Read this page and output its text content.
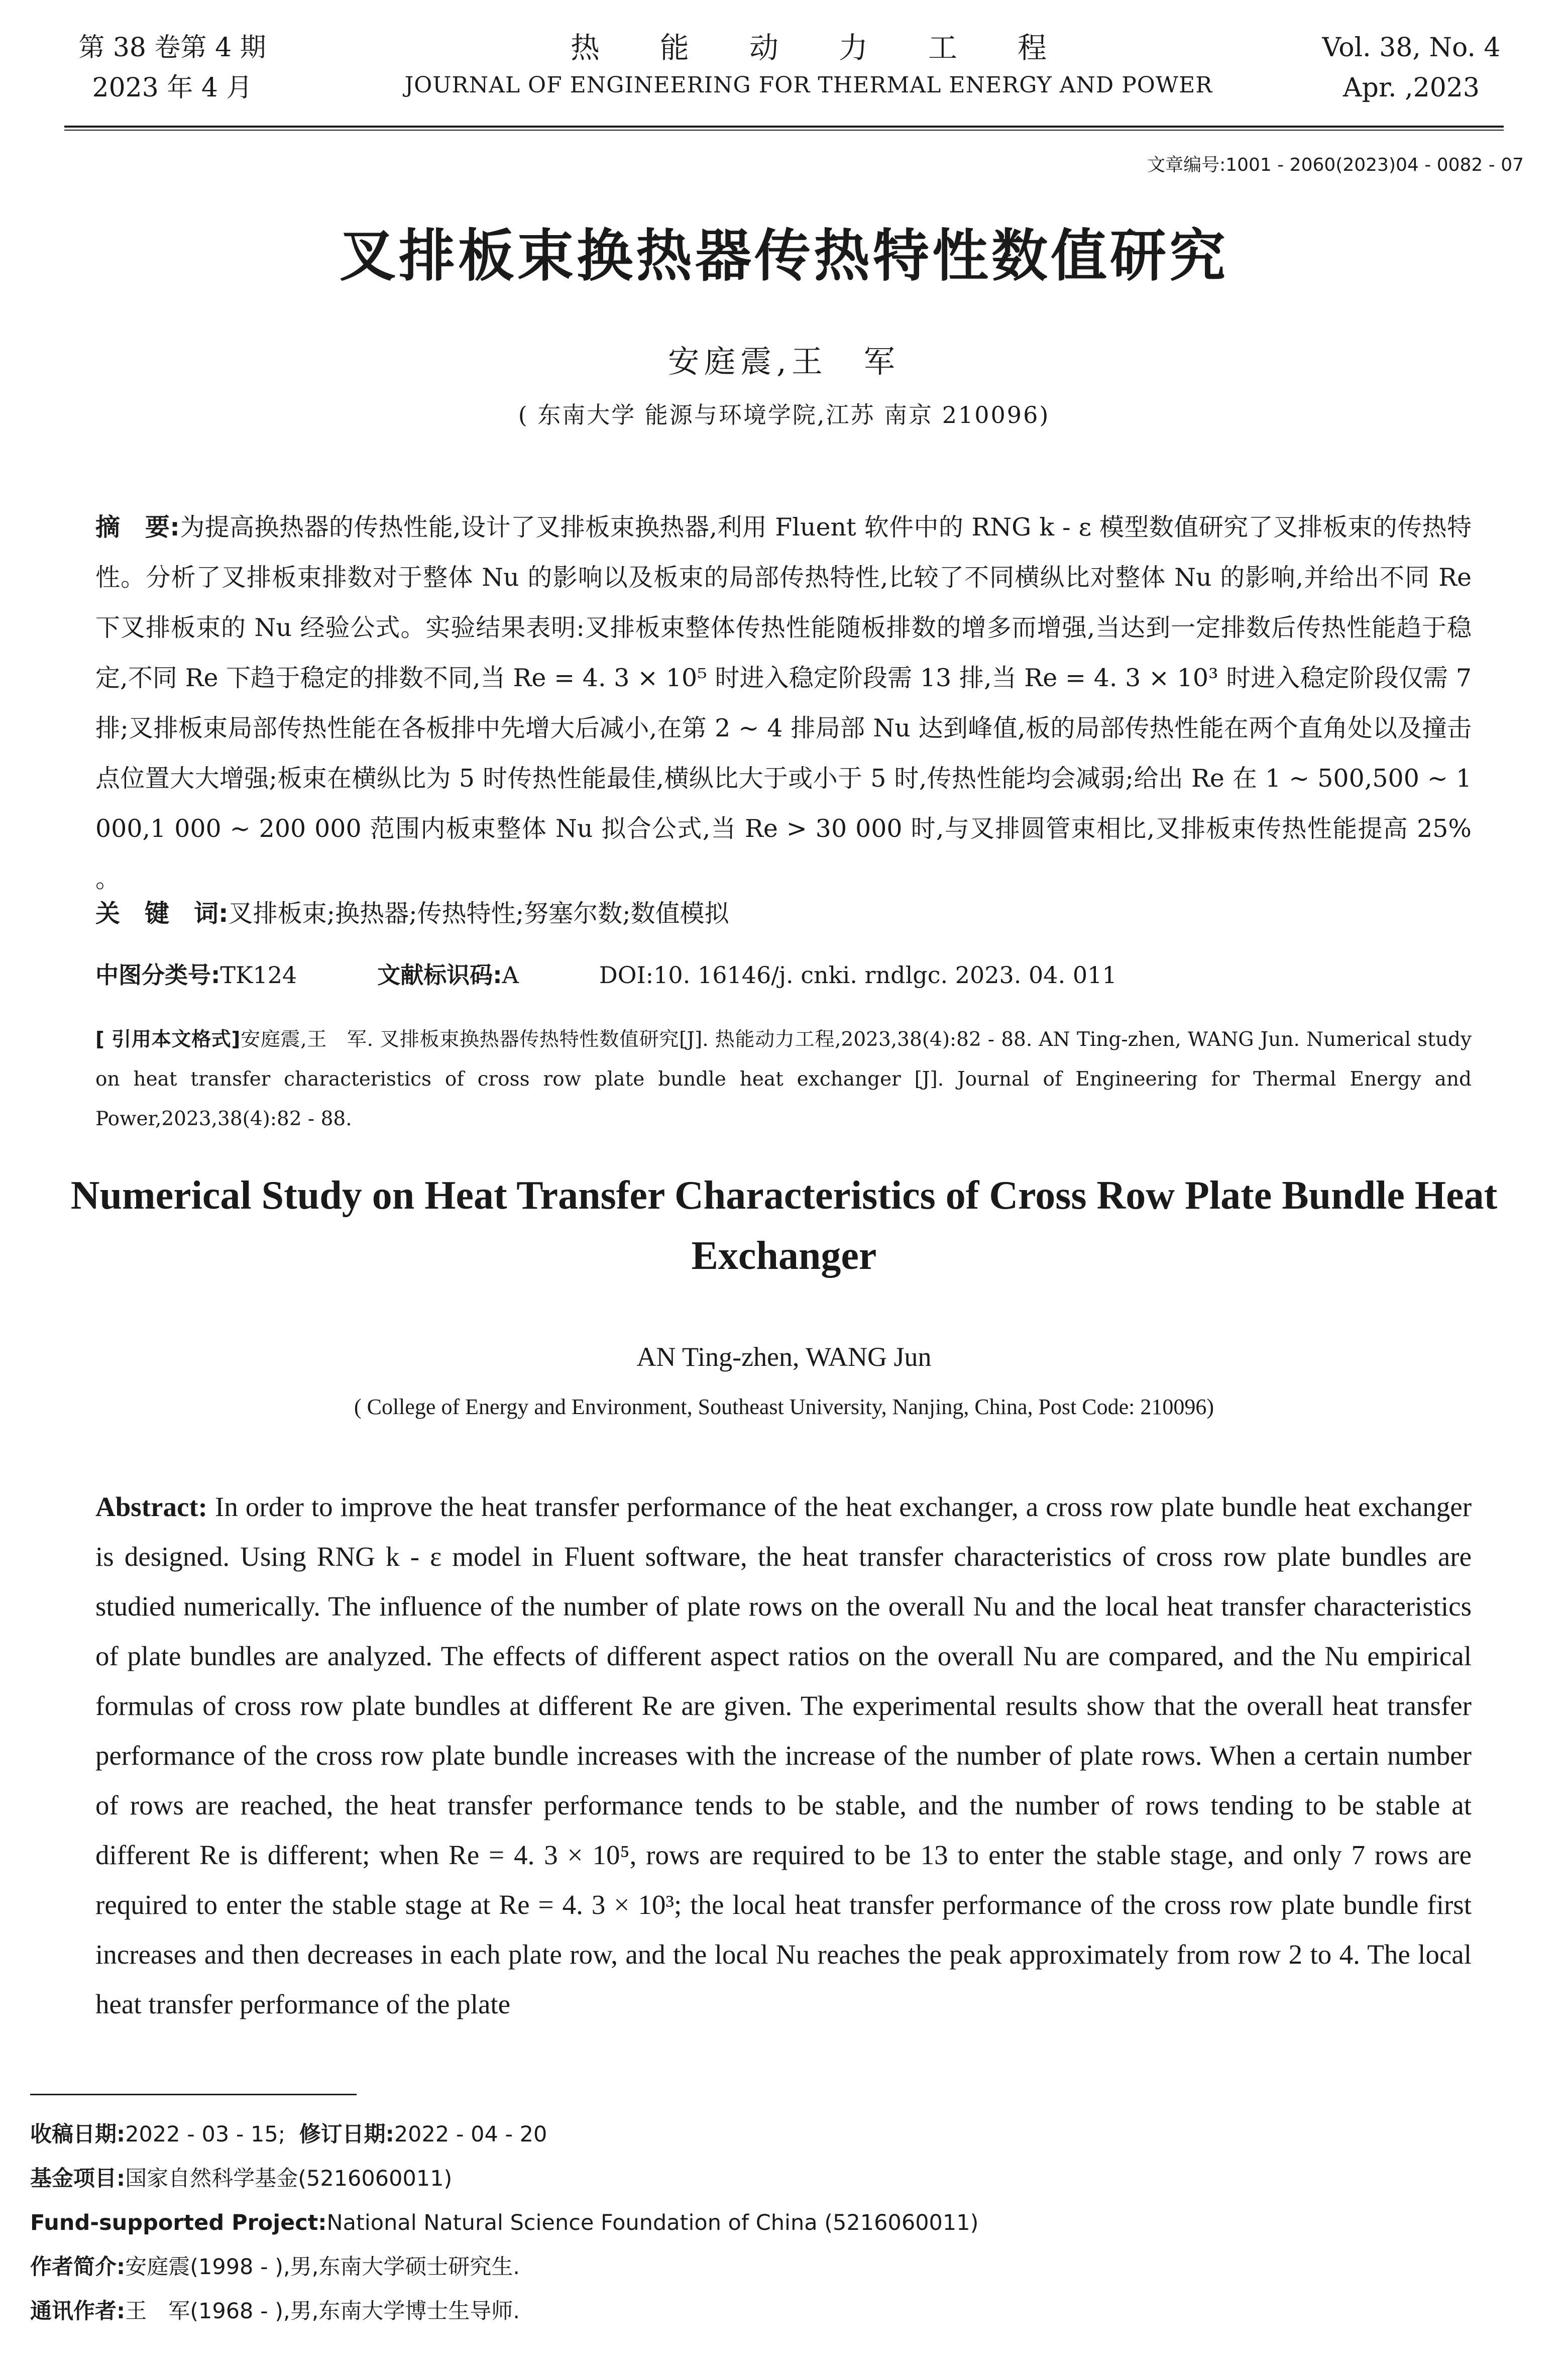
第 38 卷第 4 期
2023 年 4 月
热能动力工程
JOURNAL OF ENGINEERING FOR THERMAL ENERGY AND POWER
Vol. 38, No. 4
Apr. ,2023
文章编号:1001 - 2060(2023)04 - 0082 - 07
叉排板束换热器传热特性数值研究
安庭震,王　军
( 东南大学 能源与环境学院,江苏 南京 210096)
摘　要:为提高换热器的传热性能,设计了叉排板束换热器,利用 Fluent 软件中的 RNG k - ε 模型数值研究了叉排板束的传热特性。分析了叉排板束排数对于整体 Nu 的影响以及板束的局部传热特性,比较了不同横纵比对整体 Nu 的影响,并给出不同 Re 下叉排板束的 Nu 经验公式。实验结果表明:叉排板束整体传热性能随板排数的增多而增强,当达到一定排数后传热性能趋于稳定,不同 Re 下趋于稳定的排数不同,当 Re = 4. 3 × 10⁵ 时进入稳定阶段需 13 排,当 Re = 4. 3 × 10³ 时进入稳定阶段仅需 7 排;叉排板束局部传热性能在各板排中先增大后减小,在第 2 ~ 4 排局部 Nu 达到峰值,板的局部传热性能在两个直角处以及撞击点位置大大增强;板束在横纵比为 5 时传热性能最佳,横纵比大于或小于 5 时,传热性能均会减弱;给出 Re 在 1 ~ 500,500 ~ 1 000,1 000 ~ 200 000 范围内板束整体 Nu 拟合公式,当 Re > 30 000 时,与叉排圆管束相比,叉排板束传热性能提高 25% 。
关　键　词:叉排板束;换热器;传热特性;努塞尔数;数值模拟
中图分类号:TK124	文献标识码:A	DOI:10. 16146/j. cnki. rndlgc. 2023. 04. 011
[ 引用本文格式]安庭震,王　军. 叉排板束换热器传热特性数值研究[J]. 热能动力工程,2023,38(4):82 - 88. AN Ting-zhen, WANG Jun. Numerical study on heat transfer characteristics of cross row plate bundle heat exchanger [J]. Journal of Engineering for Thermal Energy and Power,2023,38(4):82 - 88.
Numerical Study on Heat Transfer Characteristics of Cross Row Plate Bundle Heat Exchanger
AN Ting-zhen, WANG Jun
( College of Energy and Environment, Southeast University, Nanjing, China, Post Code: 210096)
Abstract: In order to improve the heat transfer performance of the heat exchanger, a cross row plate bundle heat exchanger is designed. Using RNG k - ε model in Fluent software, the heat transfer characteristics of cross row plate bundles are studied numerically. The influence of the number of plate rows on the overall Nu and the local heat transfer characteristics of plate bundles are analyzed. The effects of different aspect ratios on the overall Nu are compared, and the Nu empirical formulas of cross row plate bundles at different Re are given. The experimental results show that the overall heat transfer performance of the cross row plate bundle increases with the increase of the number of plate rows. When a certain number of rows are reached, the heat transfer performance tends to be stable, and the number of rows tending to be stable at different Re is different; when Re = 4. 3 × 10⁵, rows are required to be 13 to enter the stable stage, and only 7 rows are required to enter the stable stage at Re = 4. 3 × 10³; the local heat transfer performance of the cross row plate bundle first increases and then decreases in each plate row, and the local Nu reaches the peak approximately from row 2 to 4. The local heat transfer performance of the plate
收稿日期:2022 - 03 - 15; 修订日期:2022 - 04 - 20
基金项目:国家自然科学基金(5216060011)
Fund-supported Project:National Natural Science Foundation of China (5216060011)
作者简介:安庭震(1998 - ),男,东南大学硕士研究生.
通讯作者:王　军(1968 - ),男,东南大学博士生导师.
